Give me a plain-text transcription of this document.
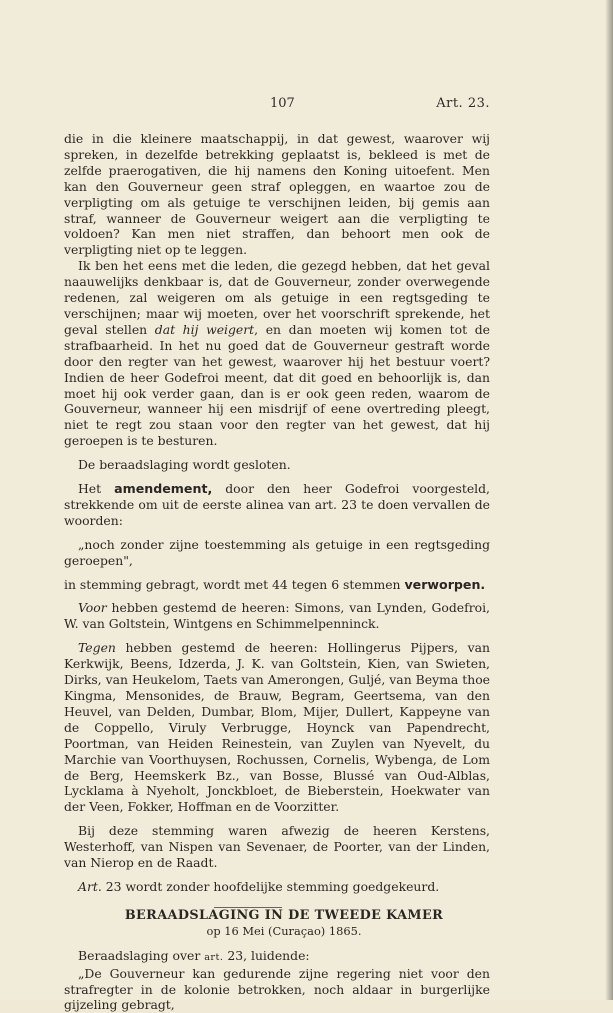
107	Art. 23.

die in die kleinere maatschappij, in dat gewest, waarover wij spreken, in dezelfde betrekking geplaatst is, bekleed is met de zelfde praerogativen, die hij namens den Koning uitoefent. Men kan den Gouverneur geen straf opleggen, en waartoe zou de verpligting om als getuige te verschijnen leiden, bij gemis aan straf, wanneer de Gouverneur weigert aan die verpligting te voldoen? Kan men niet straffen, dan behoort men ook de verpligting niet op te leggen.

Ik ben het eens met die leden, die gezegd hebben, dat het geval naauwelijks denkbaar is, dat de Gouverneur, zonder overwegende redenen, zal weigeren om als getuige in een regtsgeding te verschijnen; maar wij moeten, over het voorschrift sprekende, het geval stellen dat hij weigert, en dan moeten wij komen tot de strafbaarheid. In het nu goed dat de Gouverneur gestraft worde door den regter van het gewest, waarover hij het bestuur voert? Indien de heer Godefroi meent, dat dit goed en behoorlijk is, dan moet hij ook verder gaan, dan is er ook geen reden, waarom de Gouverneur, wanneer hij een misdrijf of eene overtreding pleegt, niet te regt zou staan voor den regter van het gewest, dat hij geroepen is te besturen.

De beraadslaging wordt gesloten.

Het amendement, door den heer Godefroi voorgesteld, strekkende om uit de eerste alinea van art. 23 te doen vervallen de woorden:

„noch zonder zijne toestemming als getuige in een regtsgeding geroepen",

in stemming gebragt, wordt met 44 tegen 6 stemmen verworpen.

Voor hebben gestemd de heeren: Simons, van Lynden, Godefroi, W. van Goltstein, Wintgens en Schimmelpenninck.

Tegen hebben gestemd de heeren: Hollingerus Pijpers, van Kerkwijk, Beens, Idzerda, J. K. van Goltstein, Kien, van Swieten, Dirks, van Heukelom, Taets van Amerongen, Guljé, van Beyma thoe Kingma, Mensonides, de Brauw, Begram, Geertsema, van den Heuvel, van Delden, Dumbar, Blom, Mijer, Dullert, Kappeyne van de Coppello, Viruly Verbrugge, Hoynck van Papendrecht, Poortman, van Heiden Reinestein, van Zuylen van Nyevelt, du Marchie van Voorthuysen, Rochussen, Cornelis, Wybenga, de Lom de Berg, Heemskerk Bz., van Bosse, Blussé van Oud-Alblas, Lycklama à Nyeholt, Jonckbloet, de Bieberstein, Hoekwater van der Veen, Fokker, Hoffman en de Voorzitter.

Bij deze stemming waren afwezig de heeren Kerstens, Westerhoff, van Nispen van Sevenaer, de Poorter, van der Linden, van Nierop en de Raadt.

Art. 23 wordt zonder hoofdelijke stemming goedgekeurd.

BERAADSLAGING IN DE TWEEDE KAMER

op 16 Mei (Curaçao) 1865.

Beraadslaging over art. 23, luidende:

„De Gouverneur kan gedurende zijne regering niet voor den strafregter in de kolonie betrokken, noch aldaar in burgerlijke gijzeling gebragt,
